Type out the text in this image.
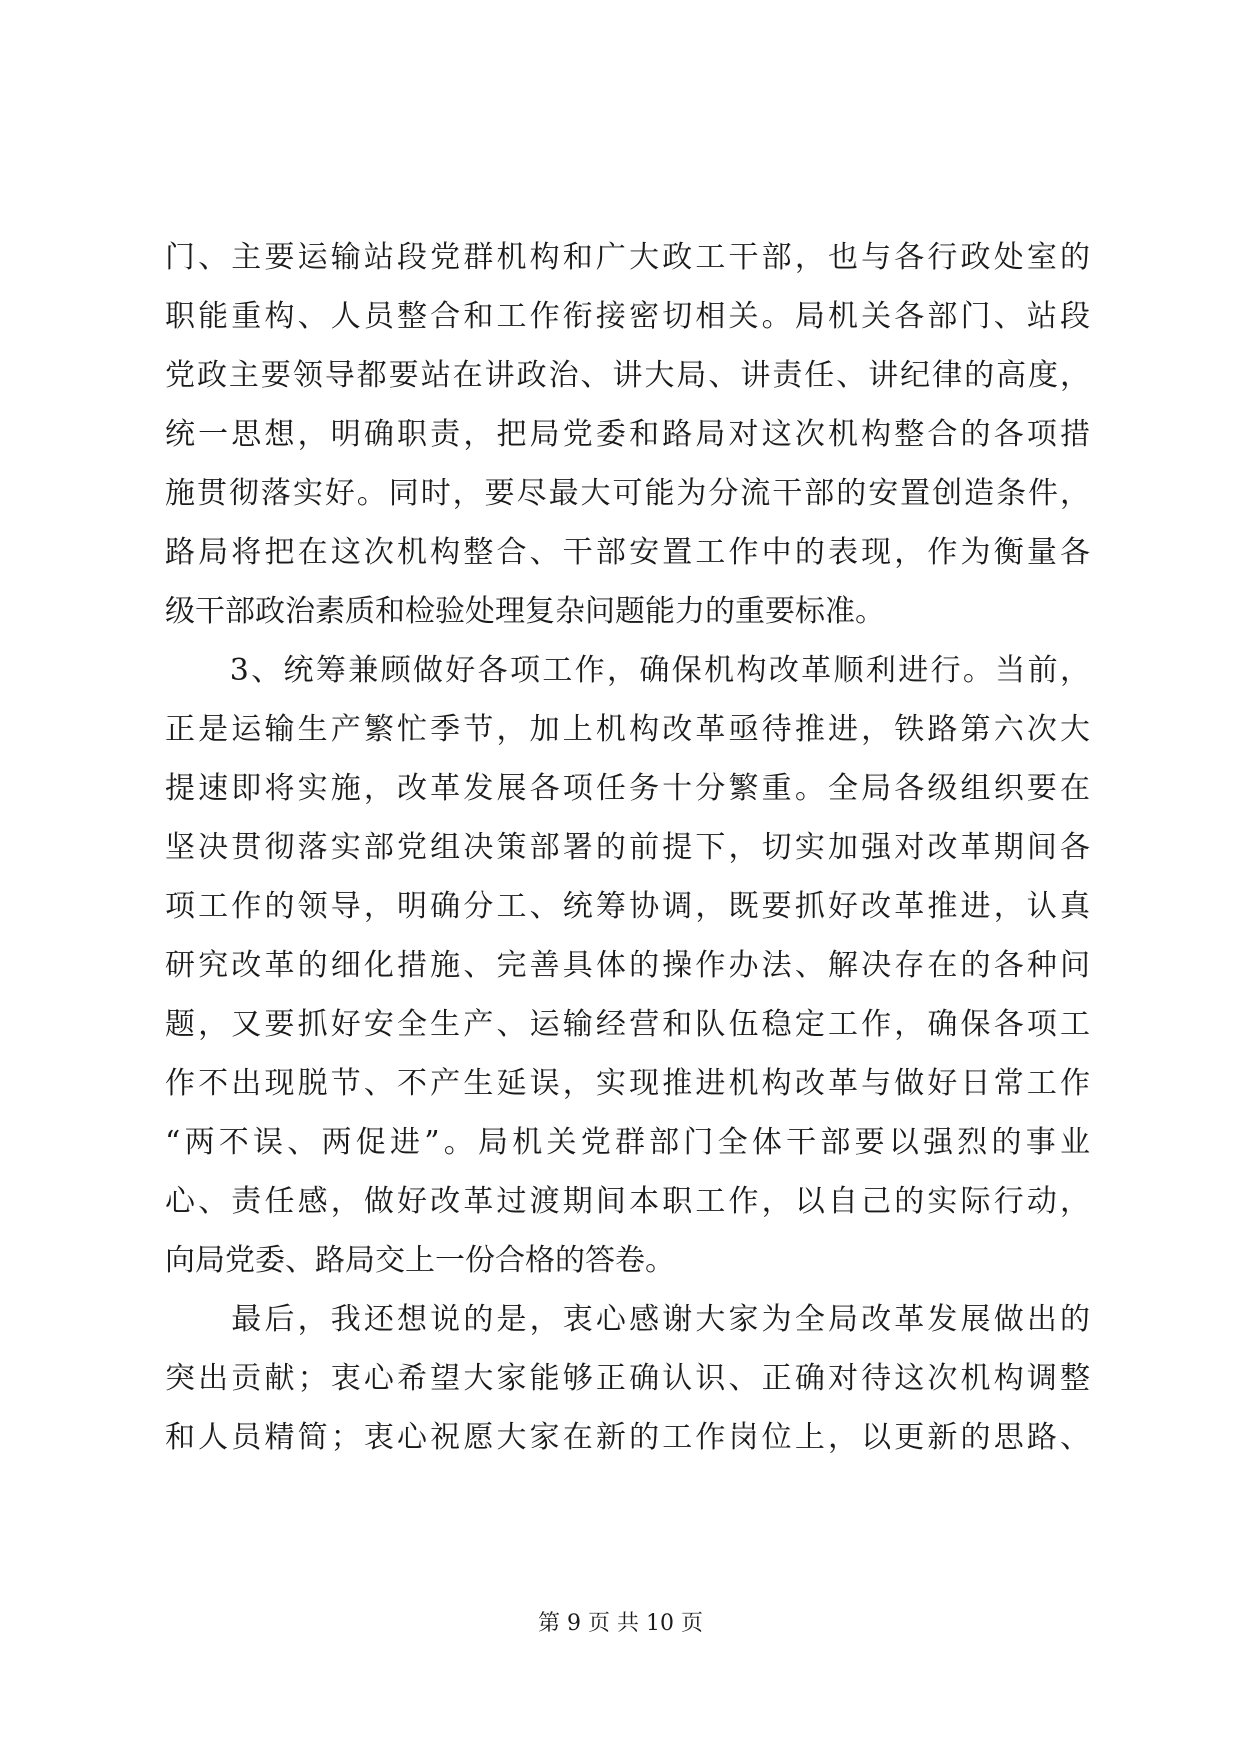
门、主要运输站段党群机构和广大政工干部，也与各行政处室的
职能重构、人员整合和工作衔接密切相关。局机关各部门、站段
党政主要领导都要站在讲政治、讲大局、讲责任、讲纪律的高度，
统一思想，明确职责，把局党委和路局对这次机构整合的各项措
施贯彻落实好。同时，要尽最大可能为分流干部的安置创造条件，
路局将把在这次机构整合、干部安置工作中的表现，作为衡量各
级干部政治素质和检验处理复杂问题能力的重要标准。
　　3、统筹兼顾做好各项工作，确保机构改革顺利进行。当前，
正是运输生产繁忙季节，加上机构改革亟待推进，铁路第六次大
提速即将实施，改革发展各项任务十分繁重。全局各级组织要在
坚决贯彻落实部党组决策部署的前提下，切实加强对改革期间各
项工作的领导，明确分工、统筹协调，既要抓好改革推进，认真
研究改革的细化措施、完善具体的操作办法、解决存在的各种问
题，又要抓好安全生产、运输经营和队伍稳定工作，确保各项工
作不出现脱节、不产生延误，实现推进机构改革与做好日常工作
“两不误、两促进”。局机关党群部门全体干部要以强烈的事业
心、责任感，做好改革过渡期间本职工作，以自己的实际行动，
向局党委、路局交上一份合格的答卷。
　　最后，我还想说的是，衷心感谢大家为全局改革发展做出的
突出贡献；衷心希望大家能够正确认识、正确对待这次机构调整
和人员精简；衷心祝愿大家在新的工作岗位上，以更新的思路、
第 9 页 共 10 页
